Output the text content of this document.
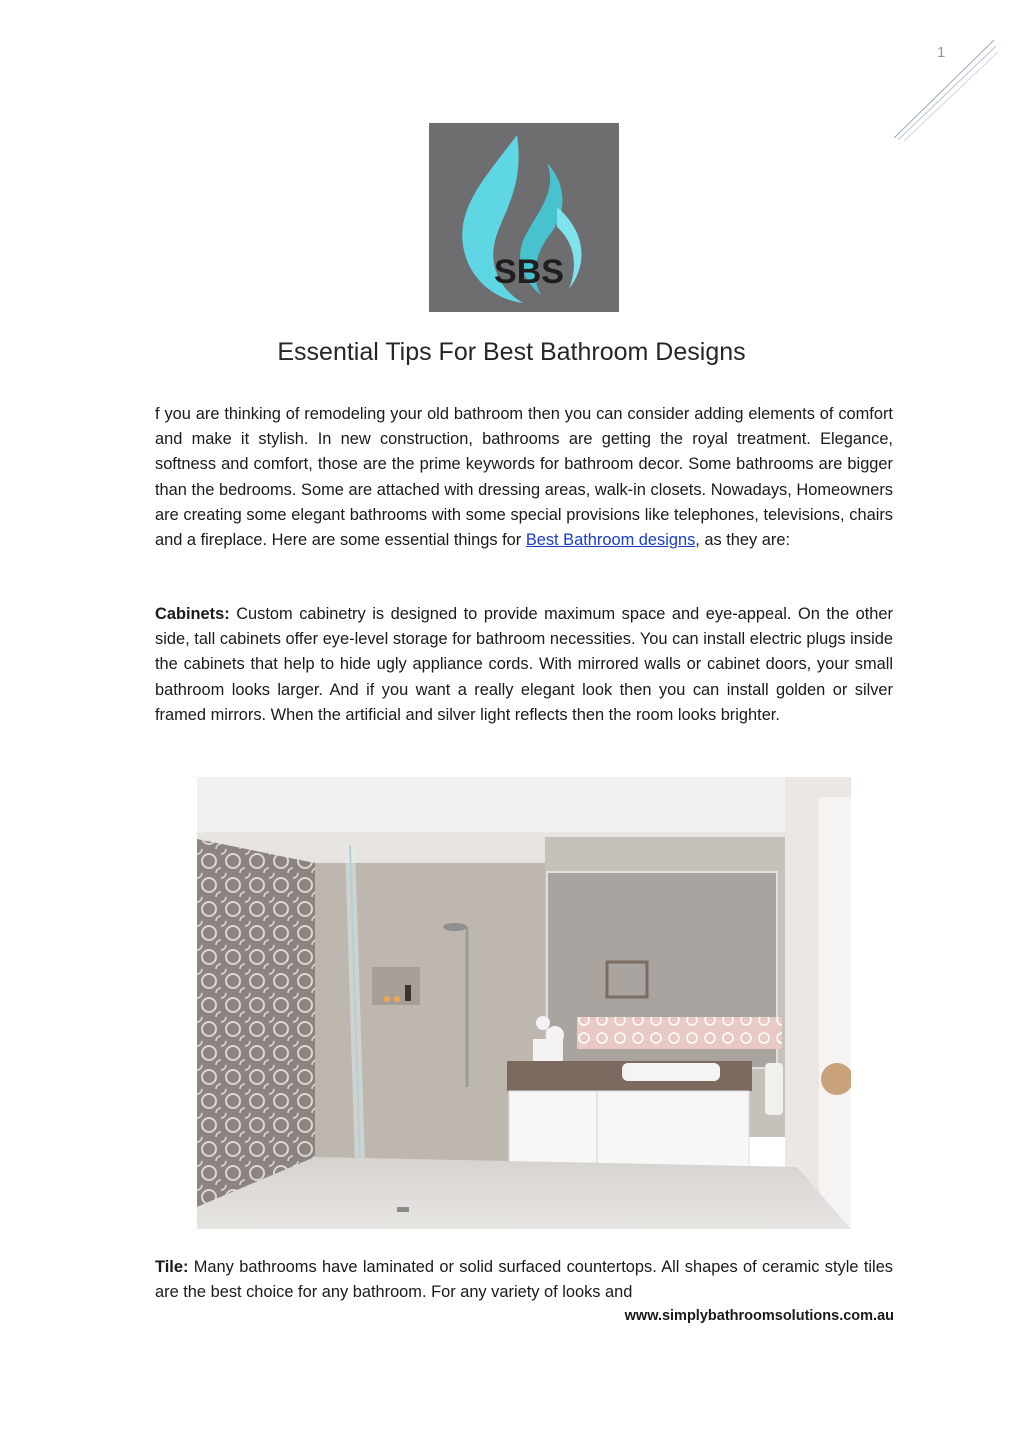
1
SBS
Essential Tips For Best Bathroom Designs

f you are thinking of remodeling your old bathroom then you can consider adding elements of comfort and make it stylish. In new construction, bathrooms are getting the royal treatment. Elegance, softness and comfort, those are the prime keywords for bathroom decor. Some bathrooms are bigger than the bedrooms. Some are attached with dressing areas, walk-in closets. Nowadays, Homeowners are creating some elegant bathrooms with some special provisions like telephones, televisions, chairs and a fireplace. Here are some essential things for Best Bathroom designs, as they are:

Cabinets: Custom cabinetry is designed to provide maximum space and eye-appeal. On the other side, tall cabinets offer eye-level storage for bathroom necessities. You can install electric plugs inside the cabinets that help to hide ugly appliance cords. With mirrored walls or cabinet doors, your small bathroom looks larger. And if you want a really elegant look then you can install golden or silver framed mirrors. When the artificial and silver light reflects then the room looks brighter.

Tile: Many bathrooms have laminated or solid surfaced countertops. All shapes of ceramic style tiles are the best choice for any bathroom. For any variety of looks and

www.simplybathroomsolutions.com.au
